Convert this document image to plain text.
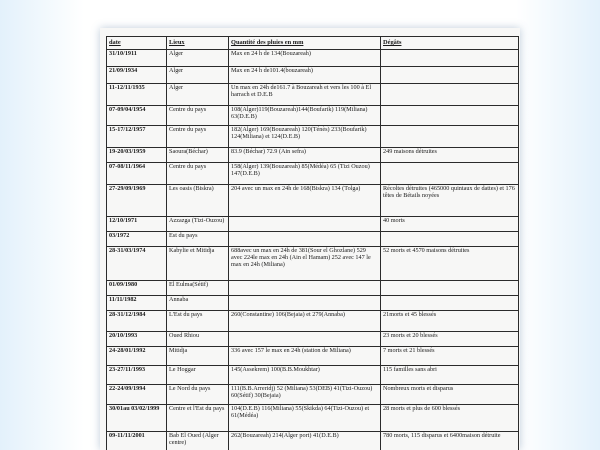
date	Lieux	Quantité des pluies en mm	Dégâts
31/10/1911	Alger	Max en 24 h de 134(Bouzareah)	
21/09/1934	Alger	Max en 24 h de101.4(bouzareah)	
11-12/11/1935	Alger	Un max en 24h de161.7 à Bouzareah et vers les 100 à El harrach et D.E.B	
07-09/04/1954	Centre du pays	108(Alger)119(Bouzareah)144(Boufarik) 119(Miliana) 63(D.E.B)	
15-17/12/1957	Centre du pays	182(Alger) 169(Bouzareah) 120(Ténès) 233(Boufarik) 124(Miliana) et 124(D.E.B)	
19-20/03/1959	Saoura(Béchar)	83.9 (Béchar) 72.9 (Ain sefra)	249 maisons détruites
07-08/11/1964	Centre du pays	158(Alger) 139(Bouzareah) 85(Médéa) 65 (Tizi Ouzou) 147(D.E.B)	
27-29/09/1969	Les oasis (Biskra)	204 avec un max en 24h de 168(Biskra) 134 (Tolga)	Récoltes détruites (465000 quintaux de dattes) et 176 têtes de Bétails noyées
12/10/1971	Azzazga (Tizi-Ouzou)		40 morts
03/1972	Est du pays		
28-31/03/1974	Kabylie et Mitidja	688avec un max en 24h de 381(Sour el Ghozlane) 529 avec 224le max en 24h (Ain el Hamam) 252 avec 147 le max en 24h (Miliana)	52 morts et 4570 maisons détruites
01/09/1980	El Eulma(Sétif)		
11/11/1982	Annaba		
28-31/12/1984	L'Est du pays	260(Constantine) 106(Bejaia) et 279(Annaba)	21morts et 45 blessés
20/10/1993	Oued Rhiou		23 morts et 20 blessés
24-28/01/1992	Mitidja	336 avec 157 le max en 24h (station de Miliana)	7 morts et 21 blessés
23-27/11/1993	Le Hoggar	145(Assekrem) 100(B.B.Moukhtar)	115 familles sans abri
22-24/09/1994	Le Nord du pays	111(B.B.Arreridj) 52 (Miliana) 53(DEB) 41(Tizi-Ouzou) 60(Sétif) 30(Bejaia)	Nombreux morts et disparus
30/01au 03/02/1999	Centre et l'Est du pays	104(D.E.B) 116(Miliana) 55(Skikda) 64(Tizi-Ouzou) et 61(Médéa)	28 morts et plus de 600 blessés
09-11/11/2001	Bab El Oued (Alger centre)	262(Bouzareah) 214(Alger port) 41(D.E.B)	780 morts, 115 disparus et 6400maison détruite
